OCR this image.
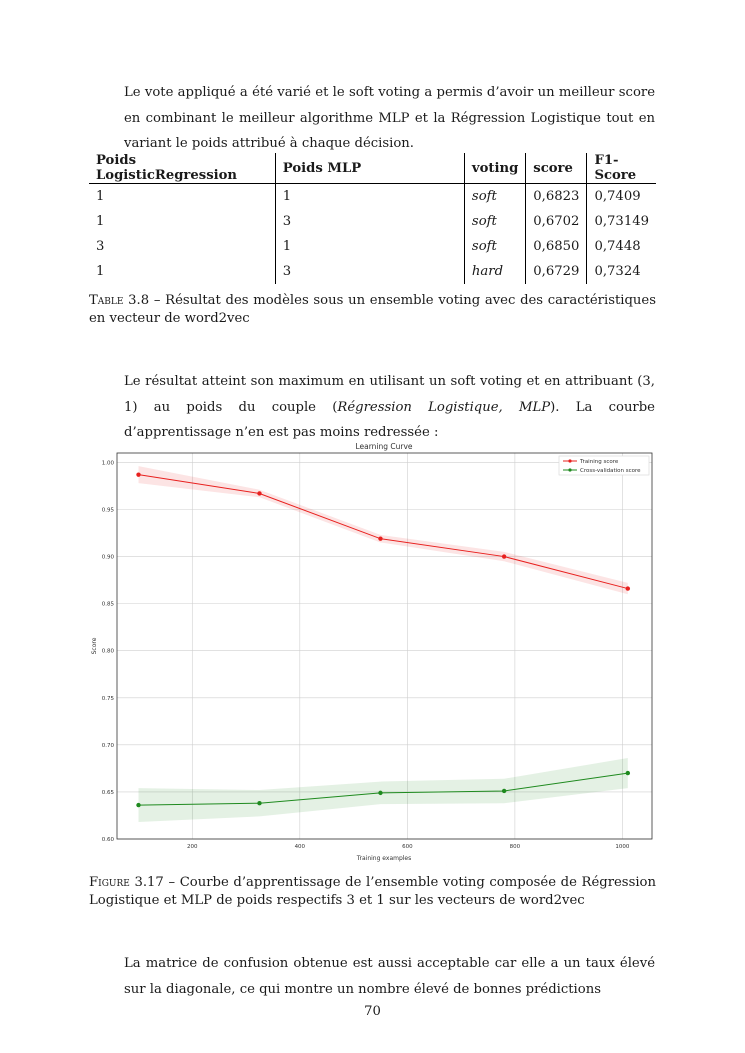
Le vote appliqué a été varié et le soft voting a permis d’avoir un meilleur score en combinant le meilleur algorithme MLP et la Régression Logistique tout en variant le poids attribué à chaque décision.

Poids LogisticRegression	Poids MLP	voting	score	F1-Score
1	1	soft	0,6823	0,7409
1	3	soft	0,6702	0,73149
3	1	soft	0,6850	0,7448
1	3	hard	0,6729	0,7324
Table 3.8 – Résultat des modèles sous un ensemble voting avec des caractéristiques en vecteur de word2vec

Le résultat atteint son maximum en utilisant un soft voting et en attribuant (3, 1) au poids du couple (Régression Logistique, MLP). La courbe d’apprentissage n’en est pas moins redressée :

0.60
0.65
0.70
0.75
0.80
0.85
0.90
0.95
1.00
200	400	600	800	1000
Learning Curve
Training examples
Score
Training score
Cross-validation score
Figure 3.17 – Courbe d’apprentissage de l’ensemble voting composée de Régression Logistique et MLP de poids respectifs 3 et 1 sur les vecteurs de word2vec

La matrice de confusion obtenue est aussi acceptable car elle a un taux élevé sur la diagonale, ce qui montre un nombre élevé de bonnes prédictions

70
